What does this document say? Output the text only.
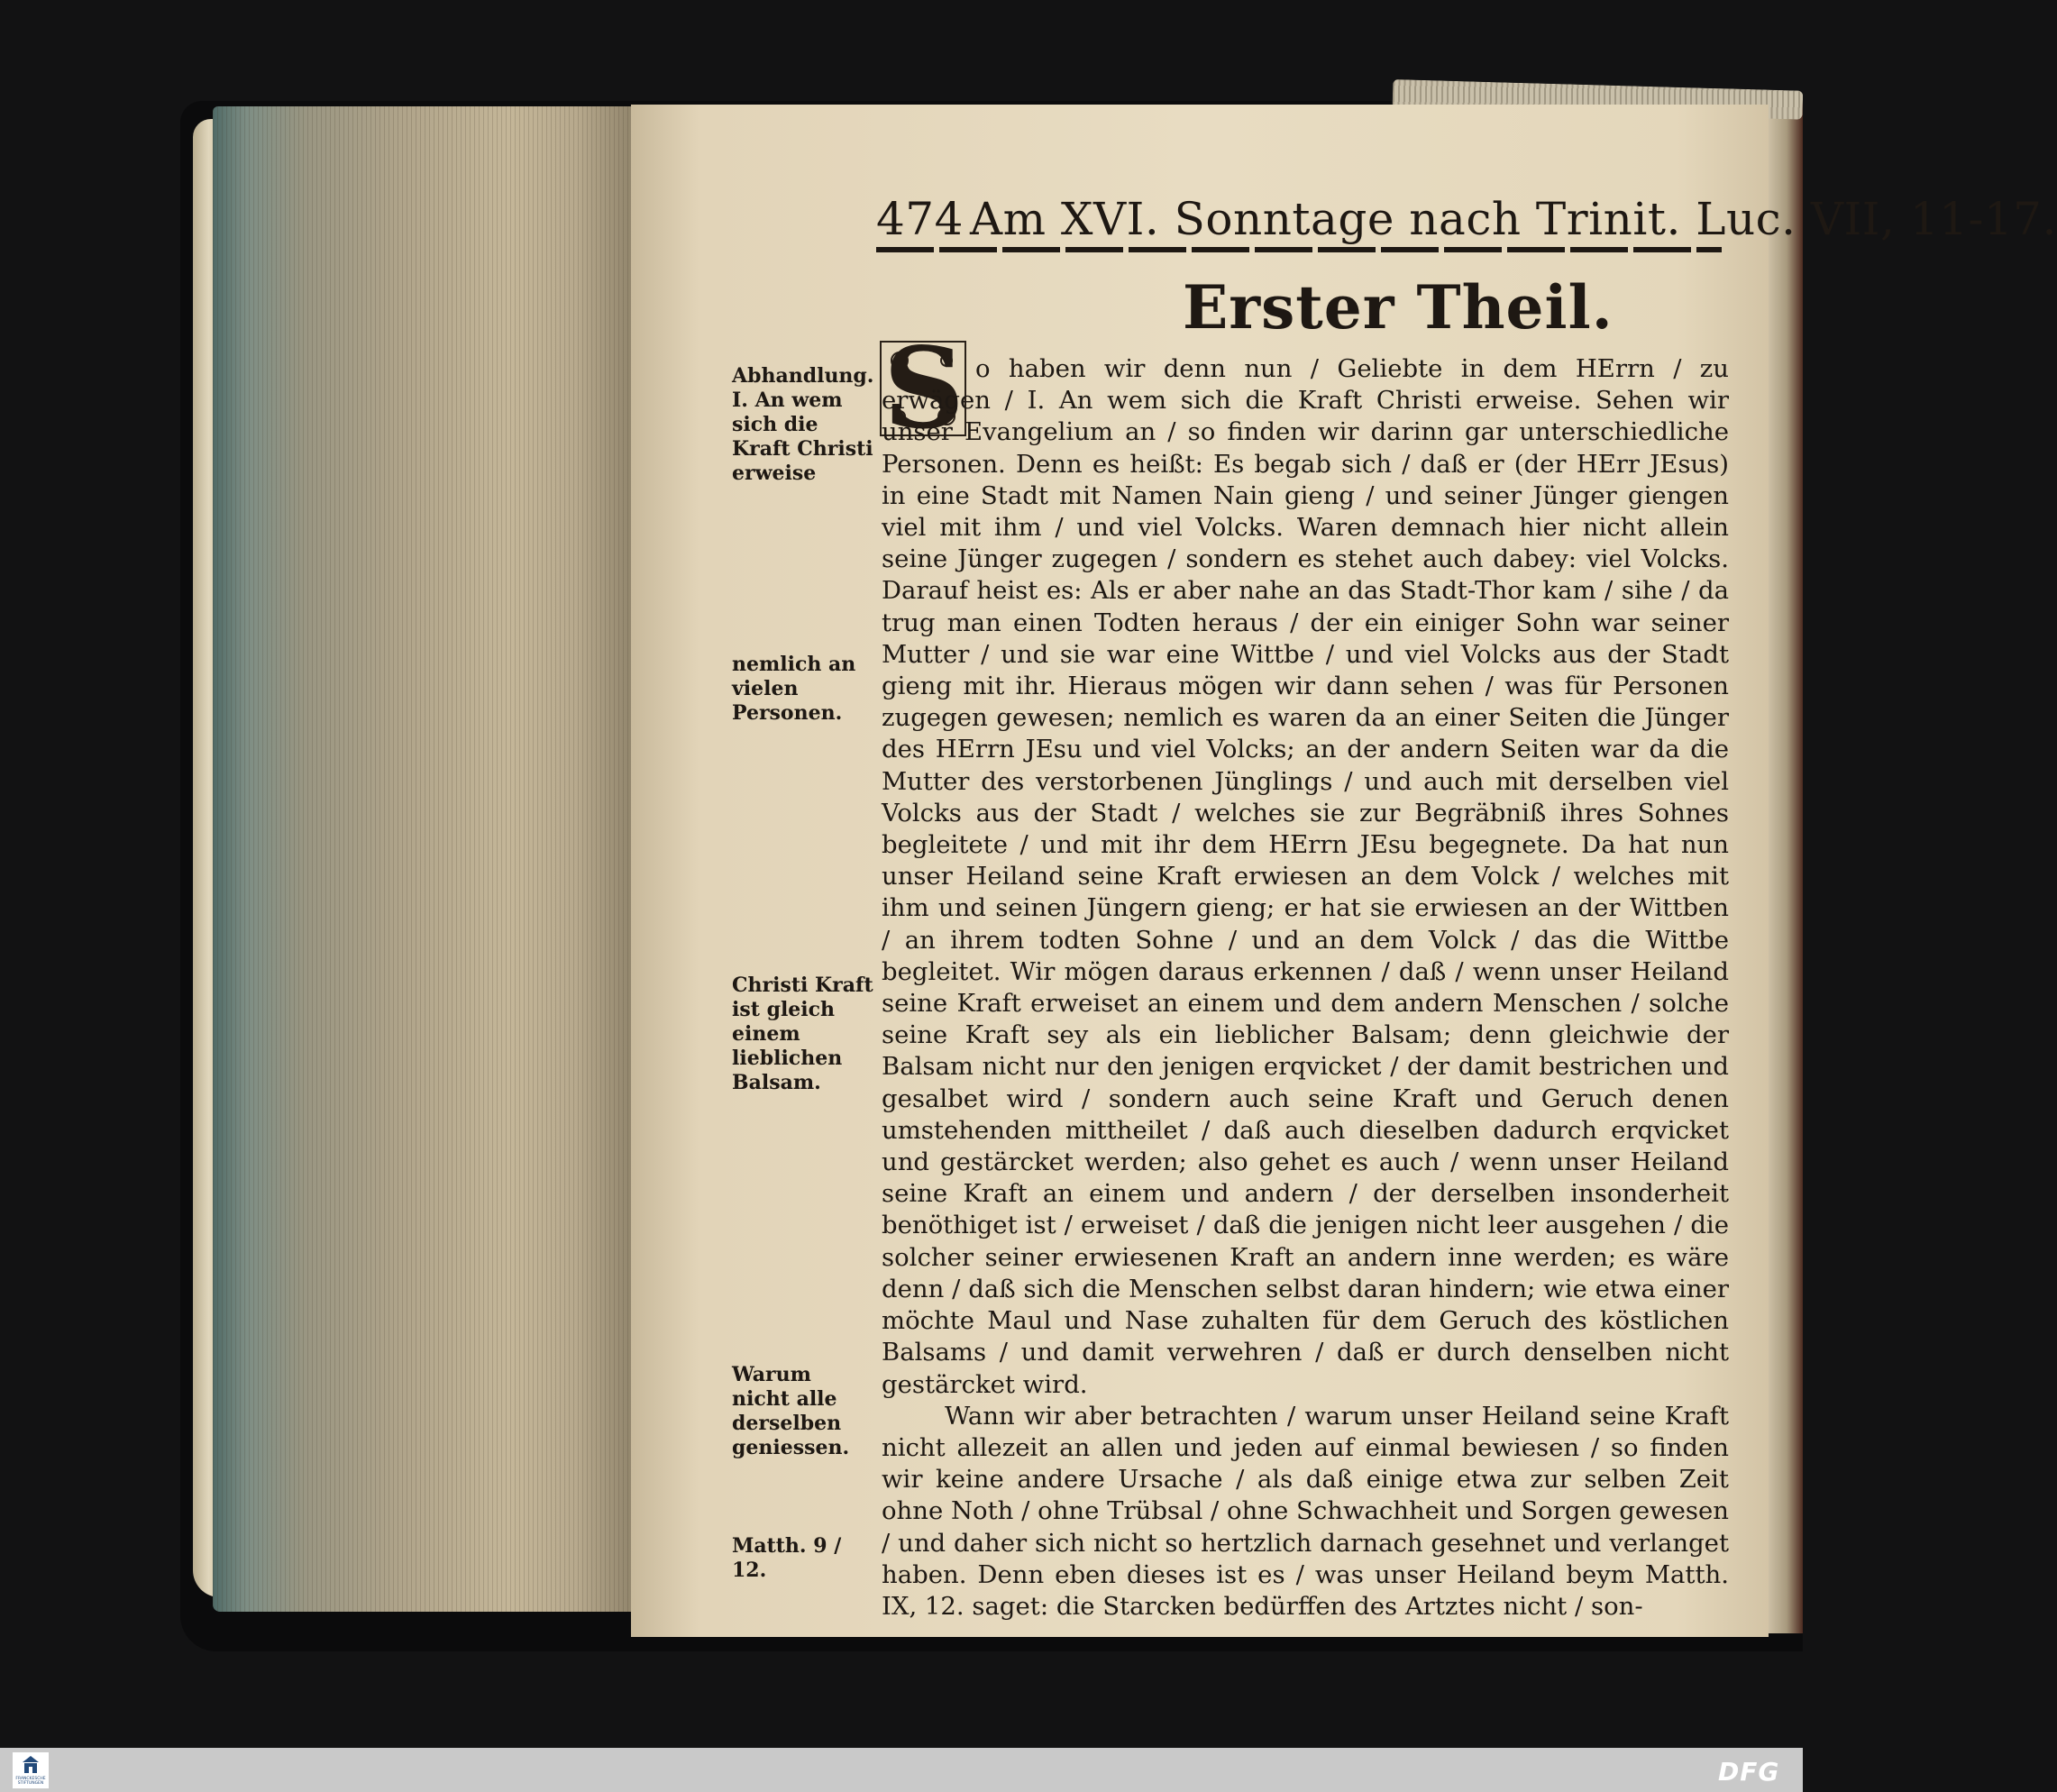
474 Am XVI. Sonntage nach Trinit. Luc. VII, 11-17.
Erster Theil.
S o haben wir denn nun / Geliebte in dem HErrn / zu erwägen / I. An wem sich die Kraft Christi erweise. Sehen wir unser Evangelium an / so finden wir darinn gar unterschiedliche Personen. Denn es heißt: Es begab sich / daß er (der HErr JEsus) in eine Stadt mit Namen Nain gieng / und seiner Jünger giengen viel mit ihm / und viel Volcks. Waren demnach hier nicht allein seine Jünger zugegen / sondern es stehet auch dabey: viel Volcks. Darauf heist es: Als er aber nahe an das Stadt-Thor kam / sihe / da trug man einen Todten heraus / der ein einiger Sohn war seiner Mutter / und sie war eine Wittbe / und viel Volcks aus der Stadt gieng mit ihr. Hieraus mögen wir dann sehen / was für Personen zugegen gewesen; nemlich es waren da an einer Seiten die Jünger des HErrn JEsu und viel Volcks; an der andern Seiten war da die Mutter des verstorbenen Jünglings / und auch mit derselben viel Volcks aus der Stadt / welches sie zur Begräbniß ihres Sohnes begleitete / und mit ihr dem HErrn JEsu begegnete. Da hat nun unser Heiland seine Kraft erwiesen an dem Volck / welches mit ihm und seinen Jüngern gieng; er hat sie erwiesen an der Wittben / an ihrem todten Sohne / und an dem Volck / das die Wittbe begleitet. Wir mögen daraus erkennen / daß / wenn unser Heiland seine Kraft erweiset an einem und dem andern Menschen / solche seine Kraft sey als ein lieblicher Balsam; denn gleichwie der Balsam nicht nur den jenigen erqvicket / der damit bestrichen und gesalbet wird / sondern auch seine Kraft und Geruch denen umstehenden mittheilet / daß auch dieselben dadurch erqvicket und gestärcket werden; also gehet es auch / wenn unser Heiland seine Kraft an einem und andern / der derselben insonderheit benöthiget ist / erweiset / daß die jenigen nicht leer ausgehen / die solcher seiner erwiesenen Kraft an andern inne werden; es wäre denn / daß sich die Menschen selbst daran hindern; wie etwa einer möchte Maul und Nase zuhalten für dem Geruch des köstlichen Balsams / und damit verwehren / daß er durch denselben nicht gestärcket wird.

Wann wir aber betrachten / warum unser Heiland seine Kraft nicht allezeit an allen und jeden auf einmal bewiesen / so finden wir keine andere Ursache / als daß einige etwa zur selben Zeit ohne Noth / ohne Trübsal / ohne Schwachheit und Sorgen gewesen / und daher sich nicht so hertzlich darnach gesehnet und verlanget haben. Denn eben dieses ist es / was unser Heiland beym Matth. IX, 12. saget: die Starcken bedürffen des Artztes nicht / son-

Abhandlung. I. An wem sich die Kraft Christi erweise
nemlich an vielen Personen.
Christi Kraft ist gleich einem lieblichen Balsam.
Warum nicht alle derselben geniessen.
Matth. 9 / 12.
FRANCKESCHE STIFTUNGEN	DFG
